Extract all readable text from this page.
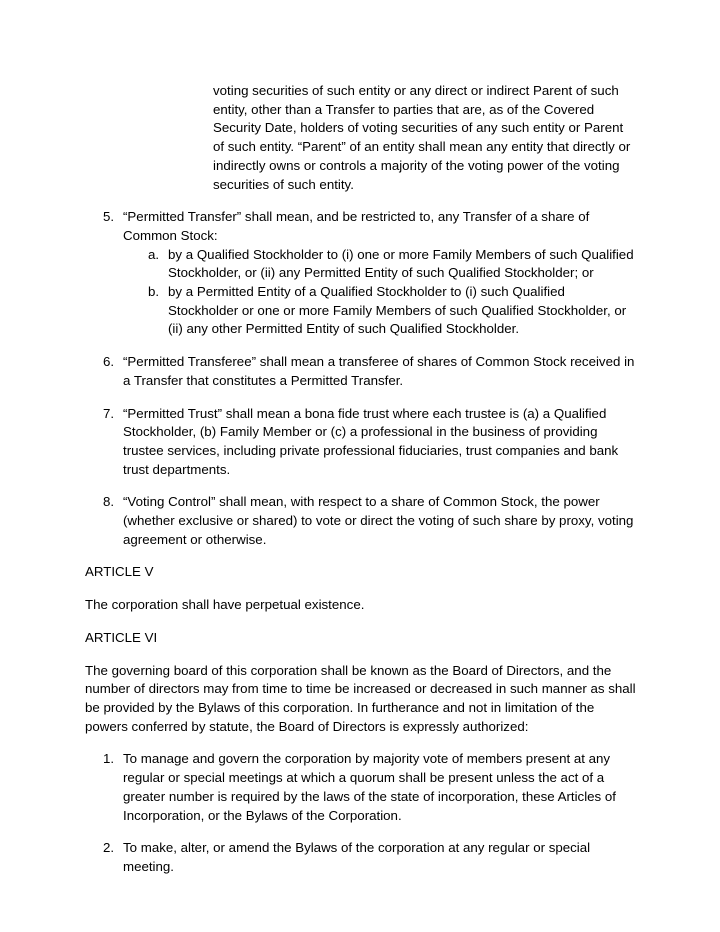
voting securities of such entity or any direct or indirect Parent of such entity, other than a Transfer to parties that are, as of the Covered Security Date, holders of voting securities of any such entity or Parent of such entity. “Parent” of an entity shall mean any entity that directly or indirectly owns or controls a majority of the voting power of the voting securities of such entity.

5. “Permitted Transfer” shall mean, and be restricted to, any Transfer of a share of Common Stock:
a. by a Qualified Stockholder to (i) one or more Family Members of such Qualified Stockholder, or (ii) any Permitted Entity of such Qualified Stockholder; or
b. by a Permitted Entity of a Qualified Stockholder to (i) such Qualified Stockholder or one or more Family Members of such Qualified Stockholder, or (ii) any other Permitted Entity of such Qualified Stockholder.
6. “Permitted Transferee” shall mean a transferee of shares of Common Stock received in a Transfer that constitutes a Permitted Transfer.
7. “Permitted Trust” shall mean a bona fide trust where each trustee is (a) a Qualified Stockholder, (b) Family Member or (c) a professional in the business of providing trustee services, including private professional fiduciaries, trust companies and bank trust departments.
8. “Voting Control” shall mean, with respect to a share of Common Stock, the power (whether exclusive or shared) to vote or direct the voting of such share by proxy, voting agreement or otherwise.

ARTICLE V

The corporation shall have perpetual existence.

ARTICLE VI

The governing board of this corporation shall be known as the Board of Directors, and the number of directors may from time to time be increased or decreased in such manner as shall be provided by the Bylaws of this corporation. In furtherance and not in limitation of the powers conferred by statute, the Board of Directors is expressly authorized:

1. To manage and govern the corporation by majority vote of members present at any regular or special meetings at which a quorum shall be present unless the act of a greater number is required by the laws of the state of incorporation, these Articles of Incorporation, or the Bylaws of the Corporation.
2. To make, alter, or amend the Bylaws of the corporation at any regular or special meeting.
